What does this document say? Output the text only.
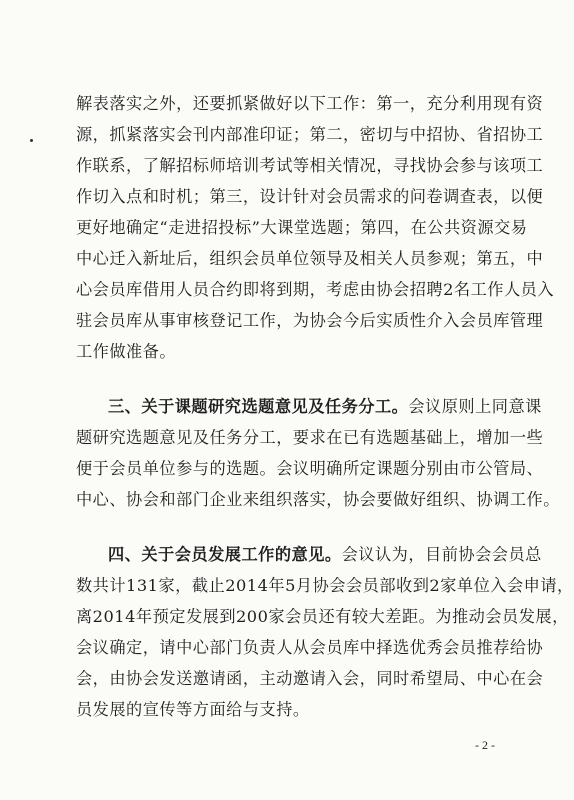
解表落实之外，还要抓紧做好以下工作：第一，充分利用现有资
源，抓紧落实会刊内部准印证；第二，密切与中招协、省招协工
作联系，了解招标师培训考试等相关情况，寻找协会参与该项工
作切入点和时机；第三，设计针对会员需求的问卷调查表，以便
更好地确定“走进招投标”大课堂选题；第四，在公共资源交易
中心迁入新址后，组织会员单位领导及相关人员参观；第五，中
心会员库借用人员合约即将到期，考虑由协会招聘2名工作人员入
驻会员库从事审核登记工作，为协会今后实质性介入会员库管理
工作做准备。
三、关于课题研究选题意见及任务分工。会议原则上同意课
题研究选题意见及任务分工，要求在已有选题基础上，增加一些
便于会员单位参与的选题。会议明确所定课题分别由市公管局、
中心、协会和部门企业来组织落实，协会要做好组织、协调工作。
四、关于会员发展工作的意见。会议认为，目前协会会员总
数共计131家，截止2014年5月协会会员部收到2家单位入会申请，
离2014年预定发展到200家会员还有较大差距。为推动会员发展，
会议确定，请中心部门负责人从会员库中择选优秀会员推荐给协
会，由协会发送邀请函，主动邀请入会，同时希望局、中心在会
员发展的宣传等方面给与支持。
- 2 -
